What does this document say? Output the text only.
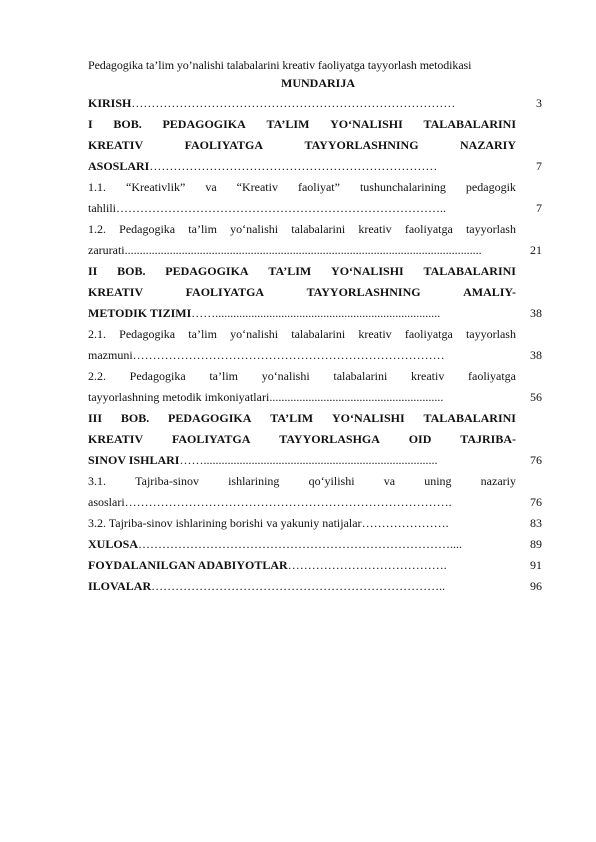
Pedagogika ta’lim yo’nalishi talabalarini kreativ faoliyatga tayyorlash metodikasi
MUNDARIJA
KIRISH ………………………………………………………………………	3
I BOB. PEDAGOGIKA TA’LIM YO‘NALISHI TALABALARINI
KREATIV	FAOLIYATGA	TAYYORLASHNING	NAZARIY
ASOSLARI ………………………………………………………………	7
1.1. “Kreativlik” va “Kreativ faoliyat” tushunchalarining pedagogik
tahlili ………………………………………………………………………..	7
1.2. Pedagogika ta’lim yo‘nalishi talabalarini kreativ faoliyatga tayyorlash
zarurati .......................................................................................................................	21
II BOB. PEDAGOGIKA TA’LIM YO‘NALISHI TALABALARINI
KREATIV	FAOLIYATGA	TAYYORLASHNING	AMALIY-
METODIK TIZIMI ……...........................................................................	38
2.1. Pedagogika ta’lim yo‘nalishi talabalarini kreativ faoliyatga tayyorlash
mazmuni ……………………………………………………………………	38
2.2. Pedagogika ta’lim yo‘nalishi talabalarini kreativ faoliyatga
tayyorlashning metodik imkoniyatlari ..........................................................	56
III BOB. PEDAGOGIKA TA’LIM YO‘NALISHI TALABALARINI
KREATIV FAOLIYATGA TAYYORLASHGA OID TAJRIBA-
SINOV ISHLARI ……..............................................................................	76
3.1. Tajriba-sinov ishlarining qo‘yilishi va uning nazariy
asoslari ……………………………………………………………………….	76
3.2. Tajriba-sinov ishlarining borishi va yakuniy natijalar ………………….	83
XULOSA ……………………………………………………………………....	89
FOYDALANILGAN ADABIYOTLAR ………………………………….	91
ILOVALAR ………………………………………………………………..	96
